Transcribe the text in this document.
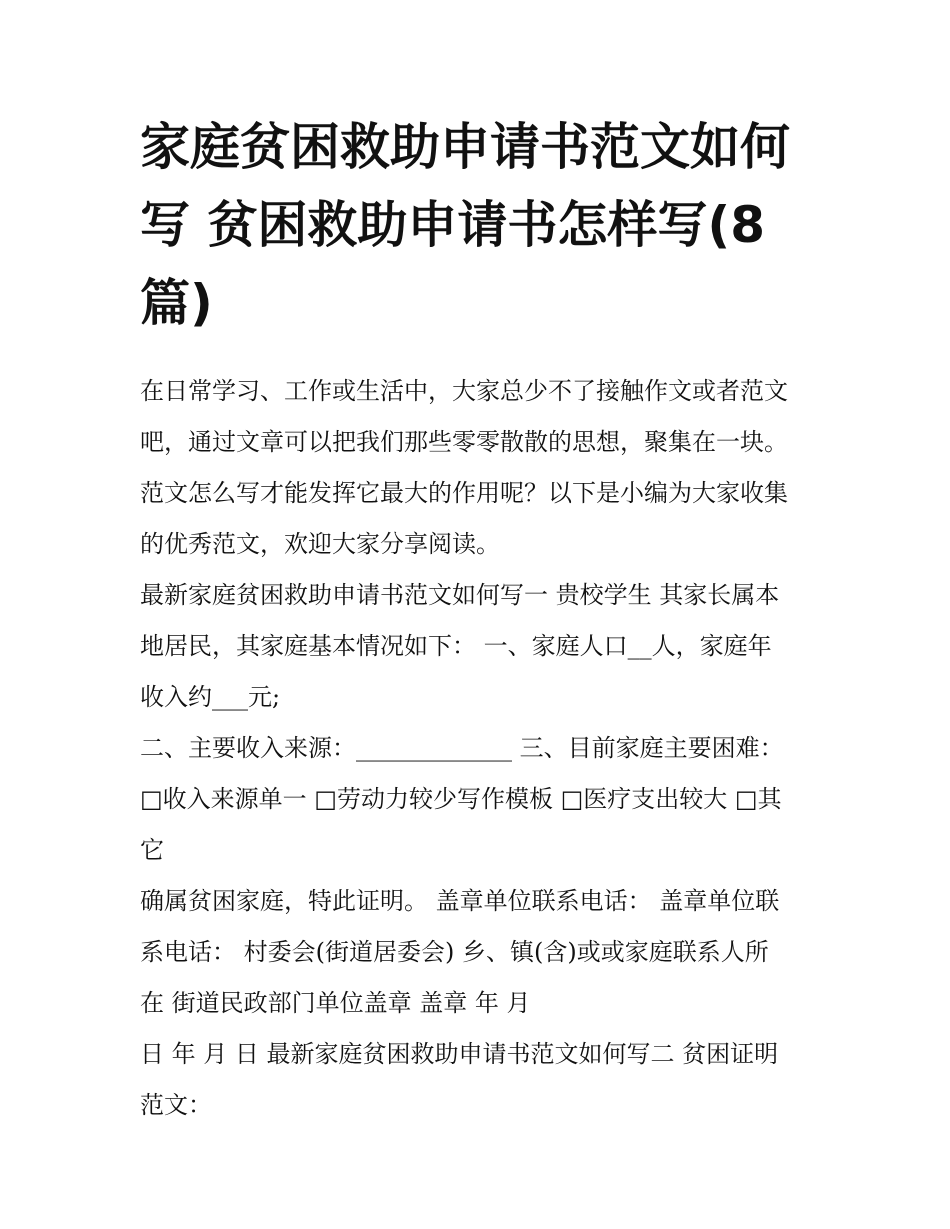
家庭贫困救助申请书范文如何
写 贫困救助申请书怎样写(8
篇)

在日常学习、工作或生活中，大家总少不了接触作文或者范文
吧，通过文章可以把我们那些零零散散的思想，聚集在一块。
范文怎么写才能发挥它最大的作用呢？以下是小编为大家收集
的优秀范文，欢迎大家分享阅读。

最新家庭贫困救助申请书范文如何写一 贵校学生 其家长属本
地居民，其家庭基本情况如下： 一、家庭人口__人，家庭年
收入约___元;

二、主要收入来源：_____________ 三、目前家庭主要困难：
□收入来源单一 □劳动力较少写作模板 □医疗支出较大 □其
它

确属贫困家庭，特此证明。 盖章单位联系电话： 盖章单位联
系电话： 村委会(街道居委会) 乡、镇(含)或或家庭联系人所
在 街道民政部门单位盖章 盖章 年 月

日 年 月 日 最新家庭贫困救助申请书范文如何写二 贫困证明
范文：
